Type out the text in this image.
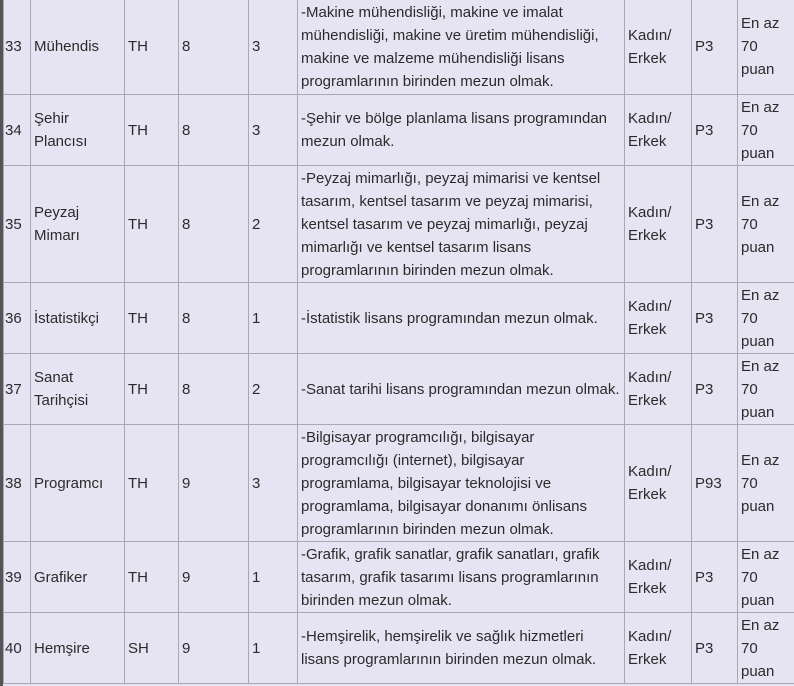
33	Mühendis	TH	8	3	-Makine mühendisliği, makine ve imalat mühendisliği, makine ve üretim mühendisliği, makine ve malzeme mühendisliği lisans programlarının birinden mezun olmak.	Kadın/ Erkek	P3	En az 70 puan
34	Şehir Plancısı	TH	8	3	-Şehir ve bölge planlama lisans programından mezun olmak.	Kadın/ Erkek	P3	En az 70 puan
35	Peyzaj Mimarı	TH	8	2	-Peyzaj mimarlığı, peyzaj mimarisi ve kentsel tasarım, kentsel tasarım ve peyzaj mimarisi, kentsel tasarım ve peyzaj mimarlığı, peyzaj mimarlığı ve kentsel tasarım lisans programlarının birinden mezun olmak.	Kadın/ Erkek	P3	En az 70 puan
36	İstatistikçi	TH	8	1	-İstatistik lisans programından mezun olmak.	Kadın/ Erkek	P3	En az 70 puan
37	Sanat Tarihçisi	TH	8	2	-Sanat tarihi lisans programından mezun olmak.	Kadın/ Erkek	P3	En az 70 puan
38	Programcı	TH	9	3	-Bilgisayar programcılığı, bilgisayar programcılığı (internet), bilgisayar programlama, bilgisayar teknolojisi ve programlama, bilgisayar donanımı önlisans programlarının birinden mezun olmak.	Kadın/ Erkek	P93	En az 70 puan
39	Grafiker	TH	9	1	-Grafik, grafik sanatlar, grafik sanatları, grafik tasarım, grafik tasarımı lisans programlarının birinden mezun olmak.	Kadın/ Erkek	P3	En az 70 puan
40	Hemşire	SH	9	1	-Hemşirelik, hemşirelik ve sağlık hizmetleri lisans programlarının birinden mezun olmak.	Kadın/ Erkek	P3	En az 70 puan
